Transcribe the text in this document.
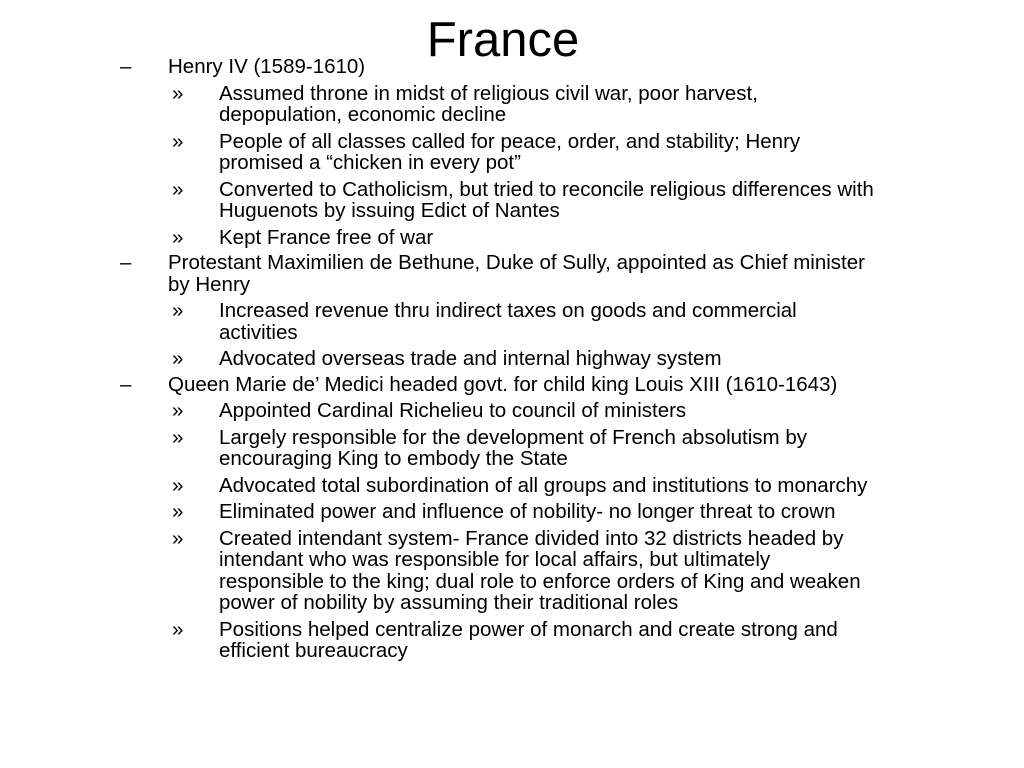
France
– Henry IV (1589-1610)
» Assumed throne in midst of religious civil war, poor harvest, depopulation, economic decline
» People of all classes called for peace, order, and stability; Henry promised a “chicken in every pot”
» Converted to Catholicism, but tried to reconcile religious differences with Huguenots by issuing Edict of Nantes
» Kept France free of war
– Protestant Maximilien de Bethune, Duke of Sully, appointed as Chief minister by Henry
» Increased revenue thru indirect taxes on goods and commercial activities
» Advocated overseas trade and internal highway system
– Queen Marie de’ Medici headed govt. for child king Louis XIII (1610-1643)
» Appointed Cardinal Richelieu to council of ministers
» Largely responsible for the development of French absolutism by encouraging King to embody the State
» Advocated total subordination of all groups and institutions to monarchy
» Eliminated power and influence of nobility- no longer threat to crown
» Created intendant system- France divided into 32 districts headed by intendant who was responsible for local affairs, but ultimately responsible to the king; dual role to enforce orders of King and weaken power of nobility by assuming their traditional roles
» Positions helped centralize power of monarch and create strong and efficient bureaucracy
